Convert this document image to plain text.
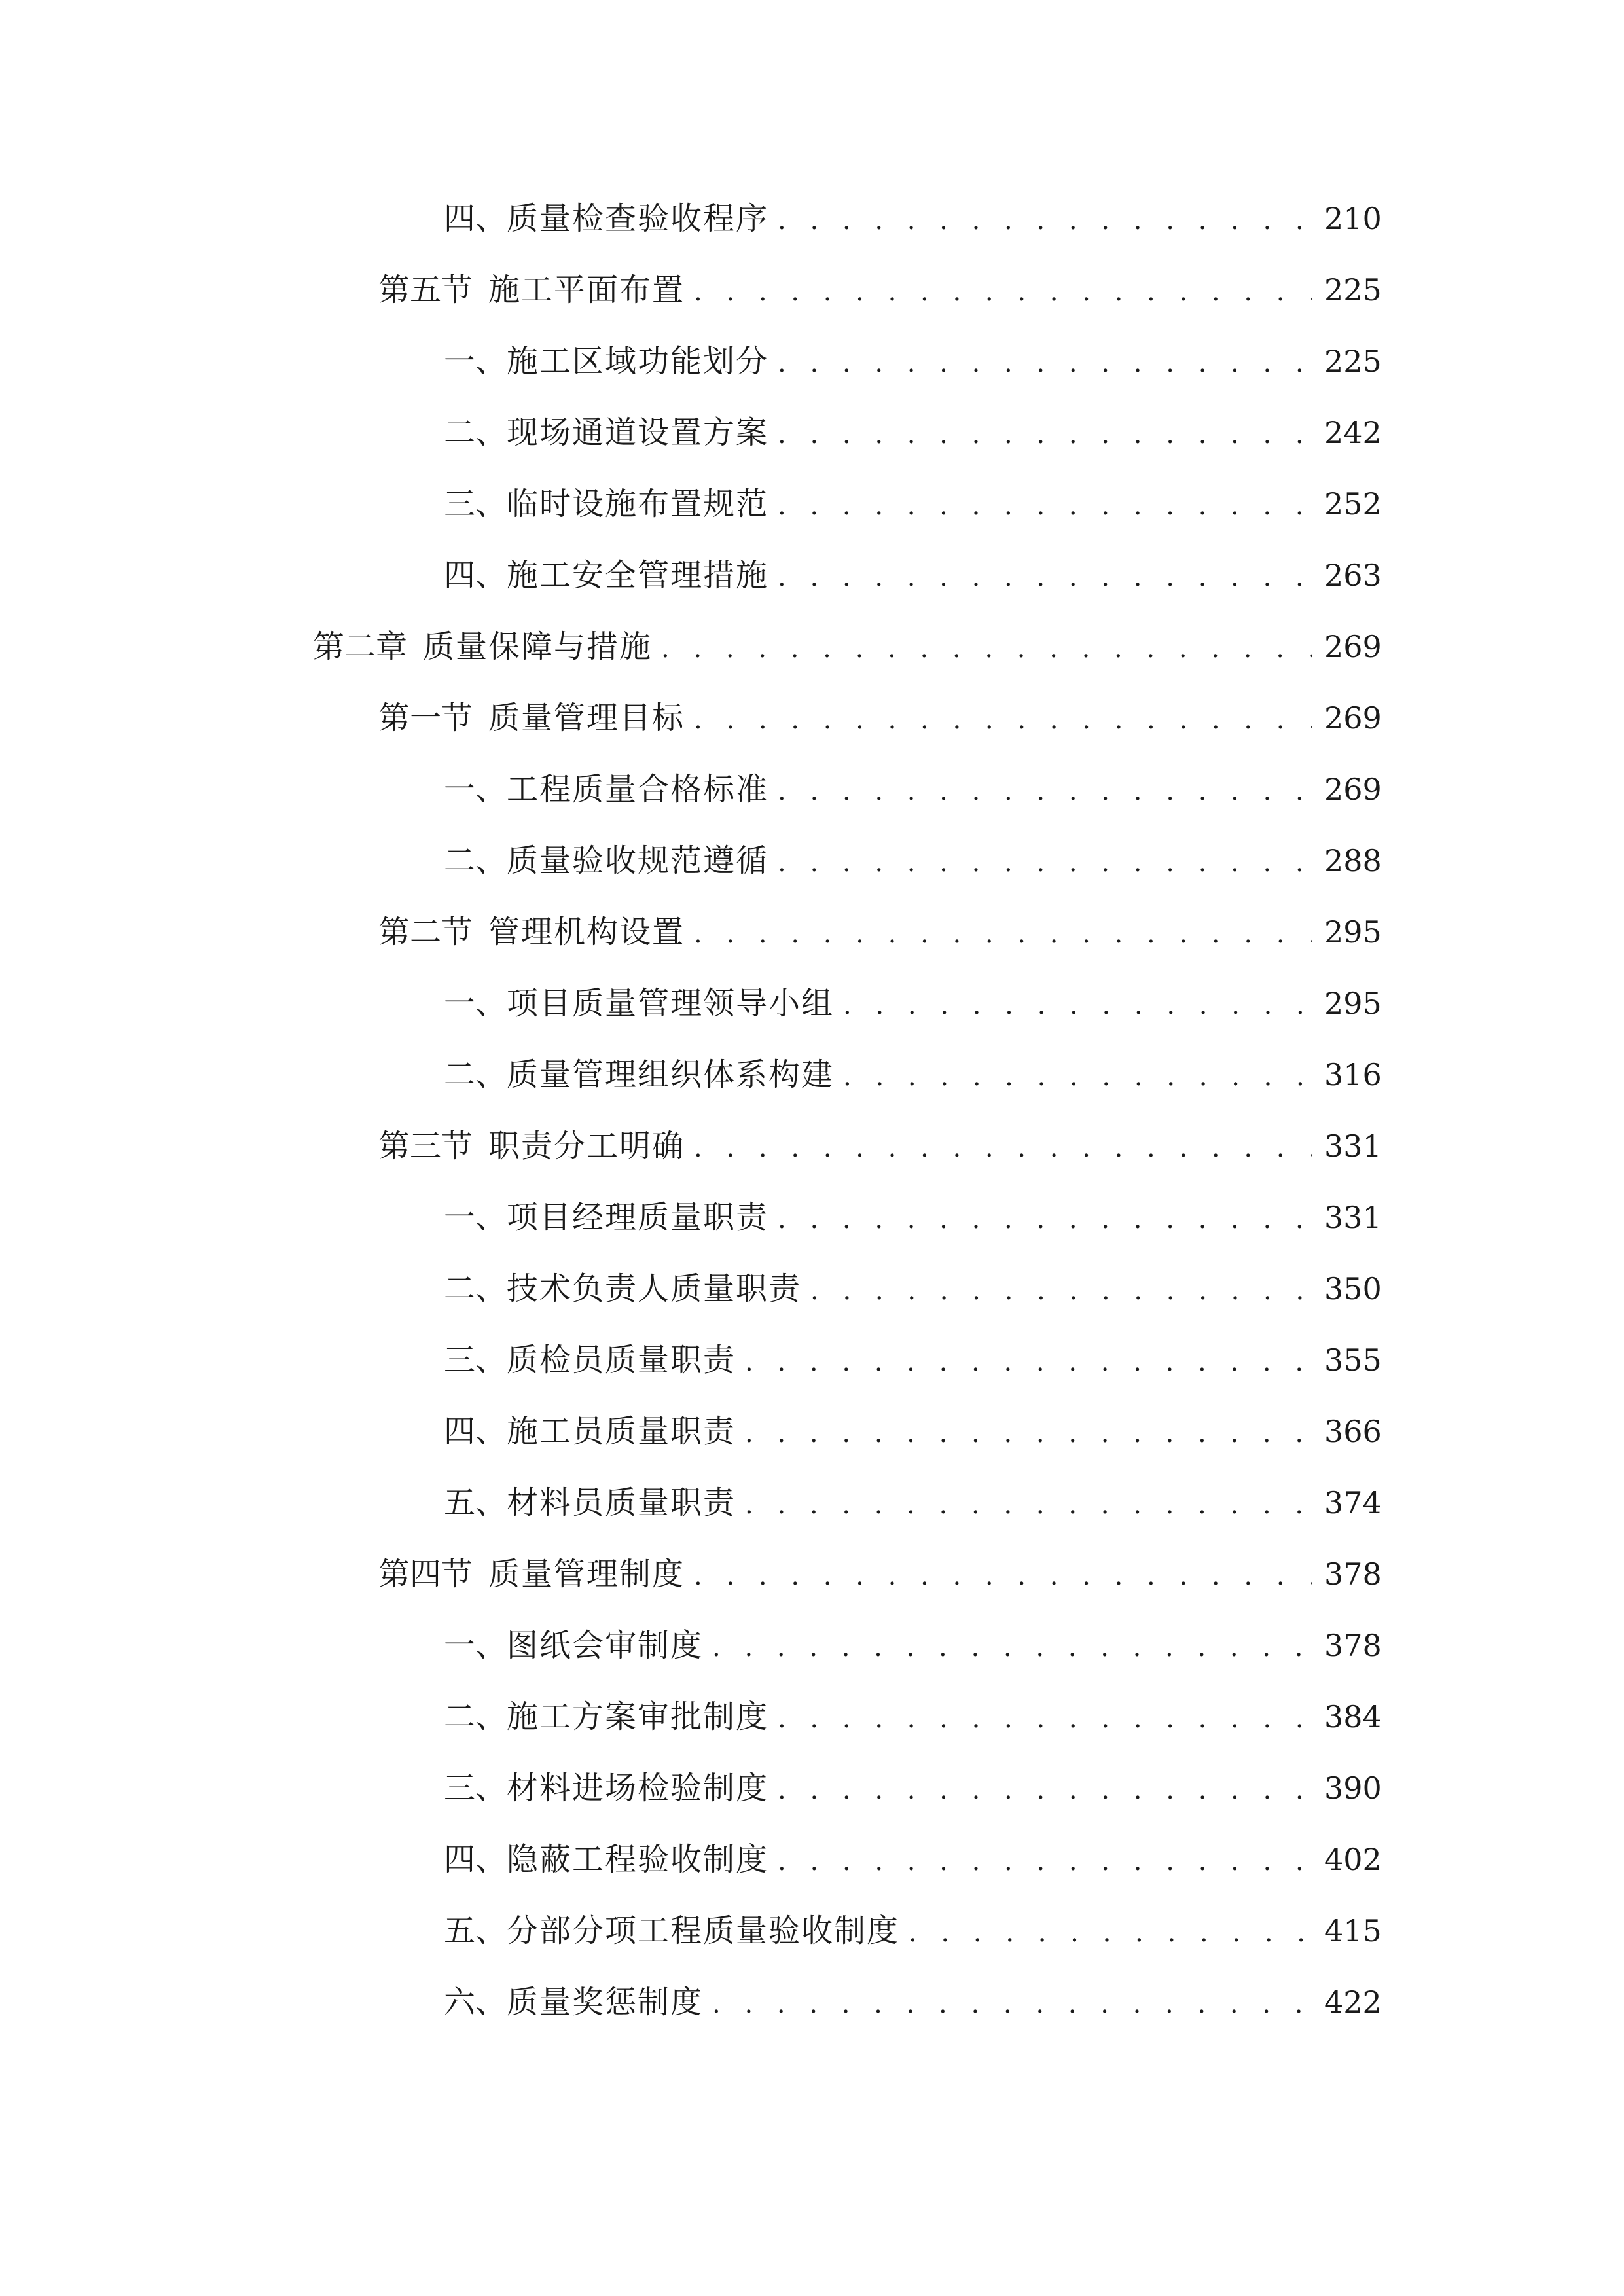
四、 质量检查验收程序 . . .	210
第五节 施工平面布置 . . .	225
一、 施工区域功能划分 . . .	225
二、 现场通道设置方案 . . .	242
三、 临时设施布置规范 . . .	252
四、 施工安全管理措施 . . .	263
第二章 质量保障与措施 . . .	269
第一节 质量管理目标 . . .	269
一、 工程质量合格标准 . . .	269
二、 质量验收规范遵循 . . .	288
第二节 管理机构设置 . . .	295
一、 项目质量管理领导小组 . . .	295
二、 质量管理组织体系构建 . . .	316
第三节 职责分工明确 . . .	331
一、 项目经理质量职责 . . .	331
二、 技术负责人质量职责 . . .	350
三、 质检员质量职责 . . .	355
四、 施工员质量职责 . . .	366
五、 材料员质量职责 . . .	374
第四节 质量管理制度 . . .	378
一、 图纸会审制度 . . .	378
二、 施工方案审批制度 . . .	384
三、 材料进场检验制度 . . .	390
四、 隐蔽工程验收制度 . . .	402
五、 分部分项工程质量验收制度 . . .	415
六、 质量奖惩制度 . . .	422
